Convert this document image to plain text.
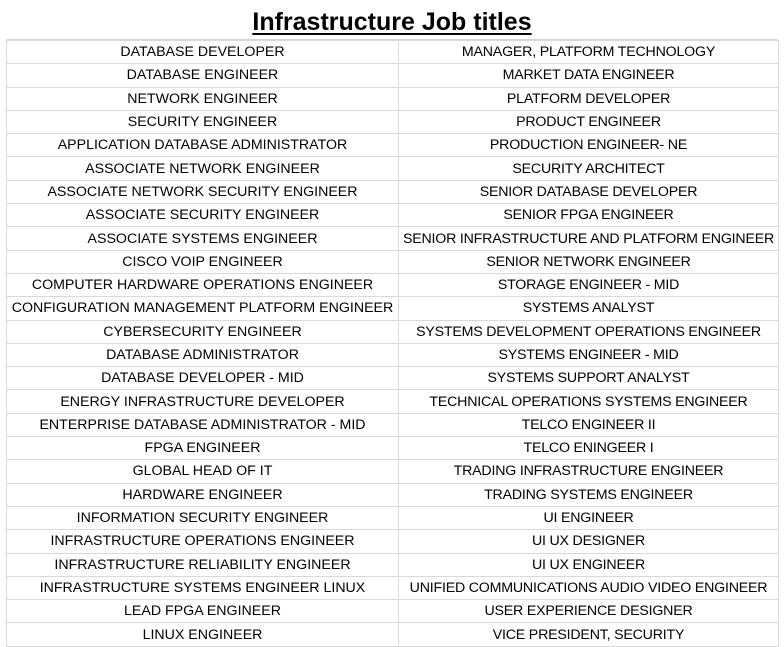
Infrastructure Job titles
DATABASE DEVELOPER	MANAGER, PLATFORM TECHNOLOGY
DATABASE ENGINEER	MARKET DATA ENGINEER
NETWORK ENGINEER	PLATFORM DEVELOPER
SECURITY ENGINEER	PRODUCT ENGINEER
APPLICATION DATABASE ADMINISTRATOR	PRODUCTION ENGINEER- NE
ASSOCIATE NETWORK ENGINEER	SECURITY ARCHITECT
ASSOCIATE NETWORK SECURITY ENGINEER	SENIOR DATABASE DEVELOPER
ASSOCIATE SECURITY ENGINEER	SENIOR FPGA ENGINEER
ASSOCIATE SYSTEMS ENGINEER	SENIOR INFRASTRUCTURE AND PLATFORM ENGINEER
CISCO VOIP ENGINEER	SENIOR NETWORK ENGINEER
COMPUTER HARDWARE OPERATIONS ENGINEER	STORAGE ENGINEER - MID
CONFIGURATION MANAGEMENT PLATFORM ENGINEER	SYSTEMS ANALYST
CYBERSECURITY ENGINEER	SYSTEMS DEVELOPMENT OPERATIONS ENGINEER
DATABASE ADMINISTRATOR	SYSTEMS ENGINEER - MID
DATABASE DEVELOPER - MID	SYSTEMS SUPPORT ANALYST
ENERGY INFRASTRUCTURE DEVELOPER	TECHNICAL OPERATIONS SYSTEMS ENGINEER
ENTERPRISE DATABASE ADMINISTRATOR - MID	TELCO ENGINEER II
FPGA ENGINEER	TELCO ENINGEER I
GLOBAL HEAD OF IT	TRADING INFRASTRUCTURE ENGINEER
HARDWARE ENGINEER	TRADING SYSTEMS ENGINEER
INFORMATION SECURITY ENGINEER	UI ENGINEER
INFRASTRUCTURE OPERATIONS ENGINEER	UI UX DESIGNER
INFRASTRUCTURE RELIABILITY ENGINEER	UI UX ENGINEER
INFRASTRUCTURE SYSTEMS ENGINEER LINUX	UNIFIED COMMUNICATIONS AUDIO VIDEO ENGINEER
LEAD FPGA ENGINEER	USER EXPERIENCE DESIGNER
LINUX ENGINEER	VICE PRESIDENT, SECURITY
